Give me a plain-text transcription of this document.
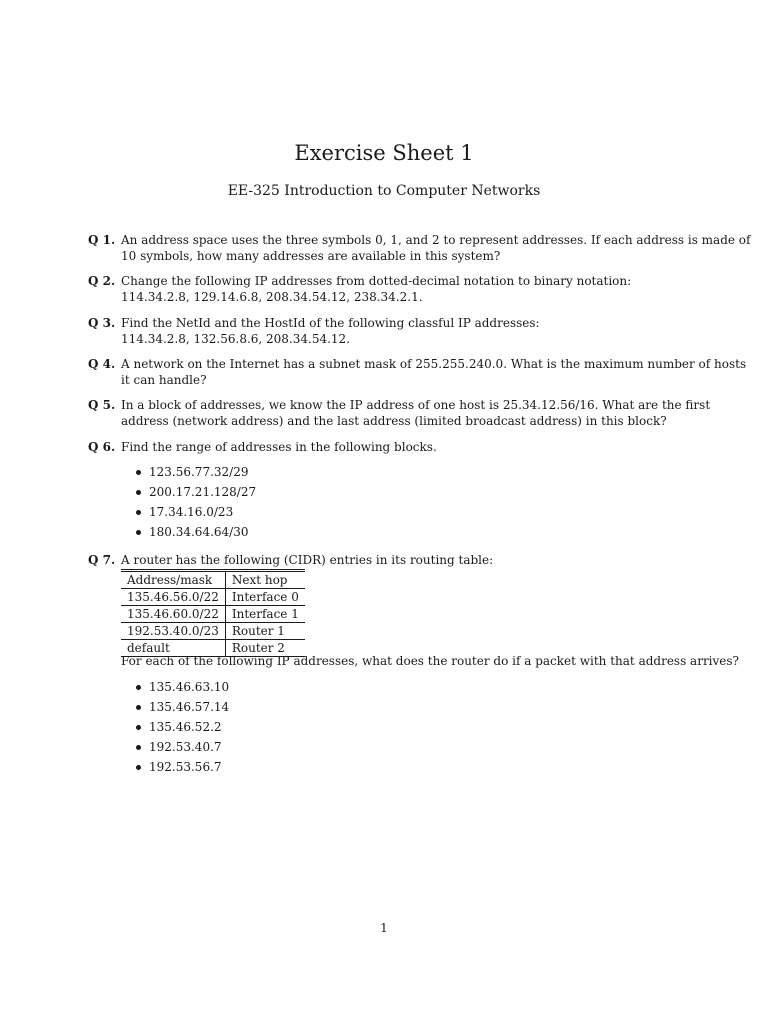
Exercise Sheet 1
EE-325 Introduction to Computer Networks
Q 1. An address space uses the three symbols 0, 1, and 2 to represent addresses. If each address is made of
10 symbols, how many addresses are available in this system?
Q 2. Change the following IP addresses from dotted-decimal notation to binary notation:
114.34.2.8, 129.14.6.8, 208.34.54.12, 238.34.2.1.
Q 3. Find the NetId and the HostId of the following classful IP addresses:
114.34.2.8, 132.56.8.6, 208.34.54.12.
Q 4. A network on the Internet has a subnet mask of 255.255.240.0. What is the maximum number of hosts
it can handle?
Q 5. In a block of addresses, we know the IP address of one host is 25.34.12.56/16. What are the first
address (network address) and the last address (limited broadcast address) in this block?
Q 6. Find the range of addresses in the following blocks.
123.56.77.32/29
200.17.21.128/27
17.34.16.0/23
180.34.64.64/30
Q 7. A router has the following (CIDR) entries in its routing table:
Address/mask	Next hop
135.46.56.0/22	Interface 0
135.46.60.0/22	Interface 1
192.53.40.0/23	Router 1
default	Router 2
For each of the following IP addresses, what does the router do if a packet with that address arrives?
135.46.63.10
135.46.57.14
135.46.52.2
192.53.40.7
192.53.56.7
1
